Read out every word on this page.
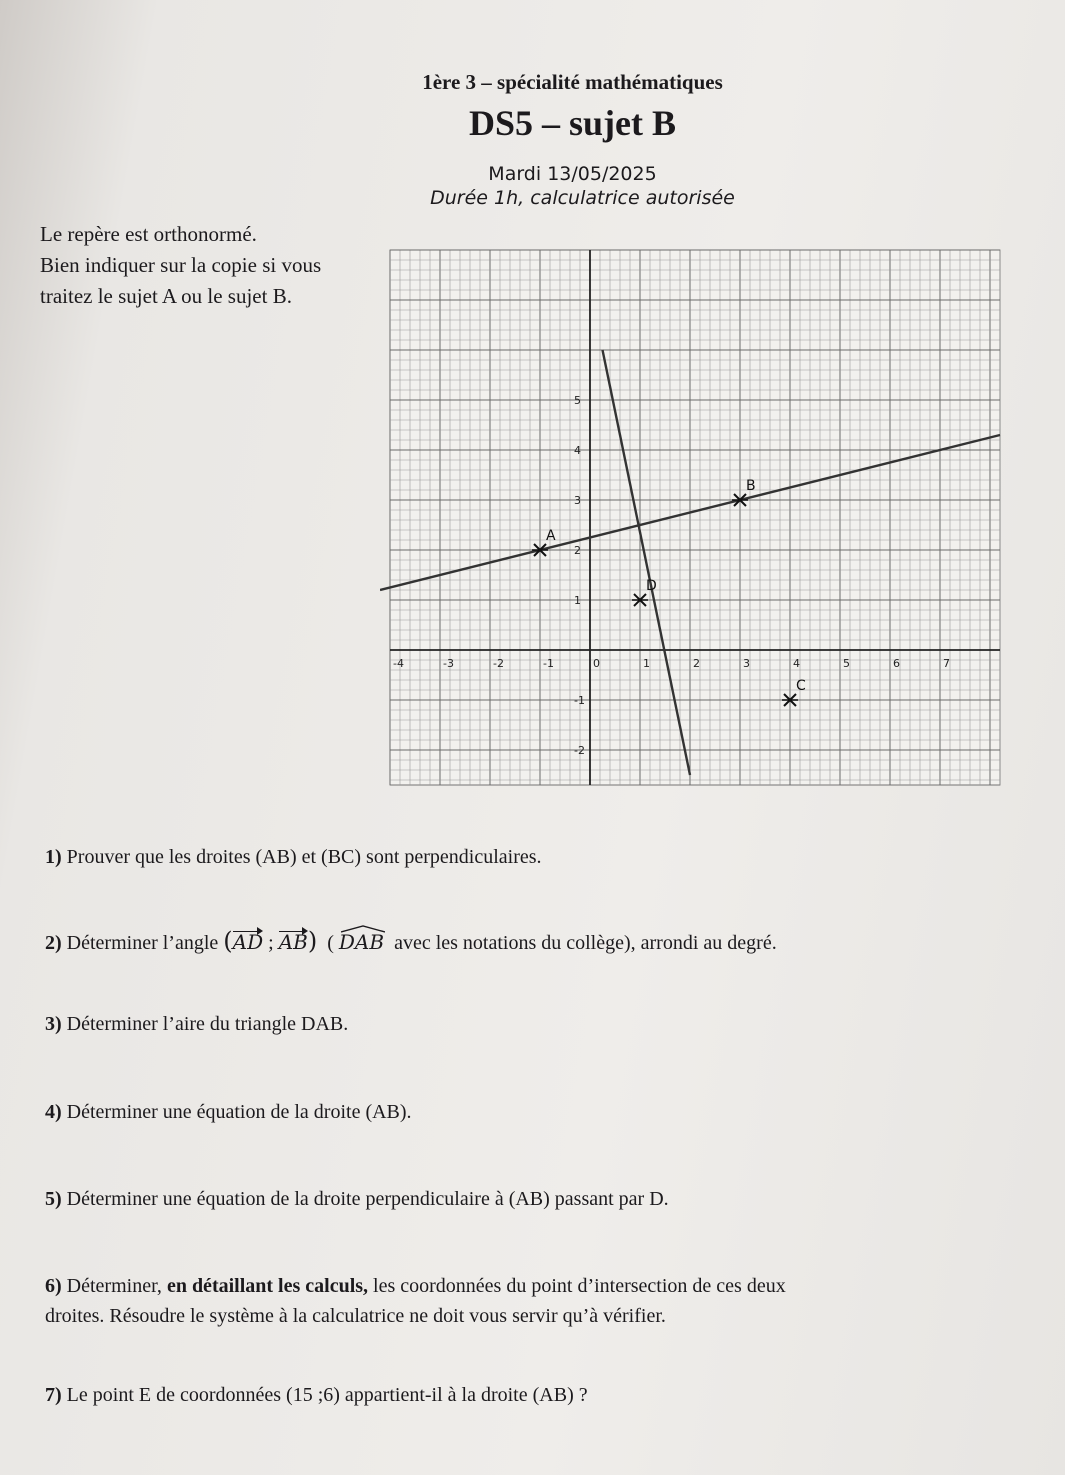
1ère 3 – spécialité mathématiques
DS5 – sujet B
Mardi 13/05/2025
Durée 1h, calculatrice autorisée
Le repère est orthonormé.
Bien indiquer sur la copie si vous
traitez le sujet A ou le sujet B.
-4	-3	-2	-1	0	1	2	3	4	5	6	7
-2
-1
1
2
3
4
5
A
B
C
D
1) Prouver que les droites (AB) et (BC) sont perpendiculaires.
2) Déterminer l’angle (AD ; AB) ( DAB avec les notations du collège), arrondi au degré.
3) Déterminer l’aire du triangle DAB.
4) Déterminer une équation de la droite (AB).
5) Déterminer une équation de la droite perpendiculaire à (AB) passant par D.
6) Déterminer, en détaillant les calculs, les coordonnées du point d’intersection de ces deux
droites. Résoudre le système à la calculatrice ne doit vous servir qu’à vérifier.
7) Le point E de coordonnées (15 ;6) appartient-il à la droite (AB) ?
